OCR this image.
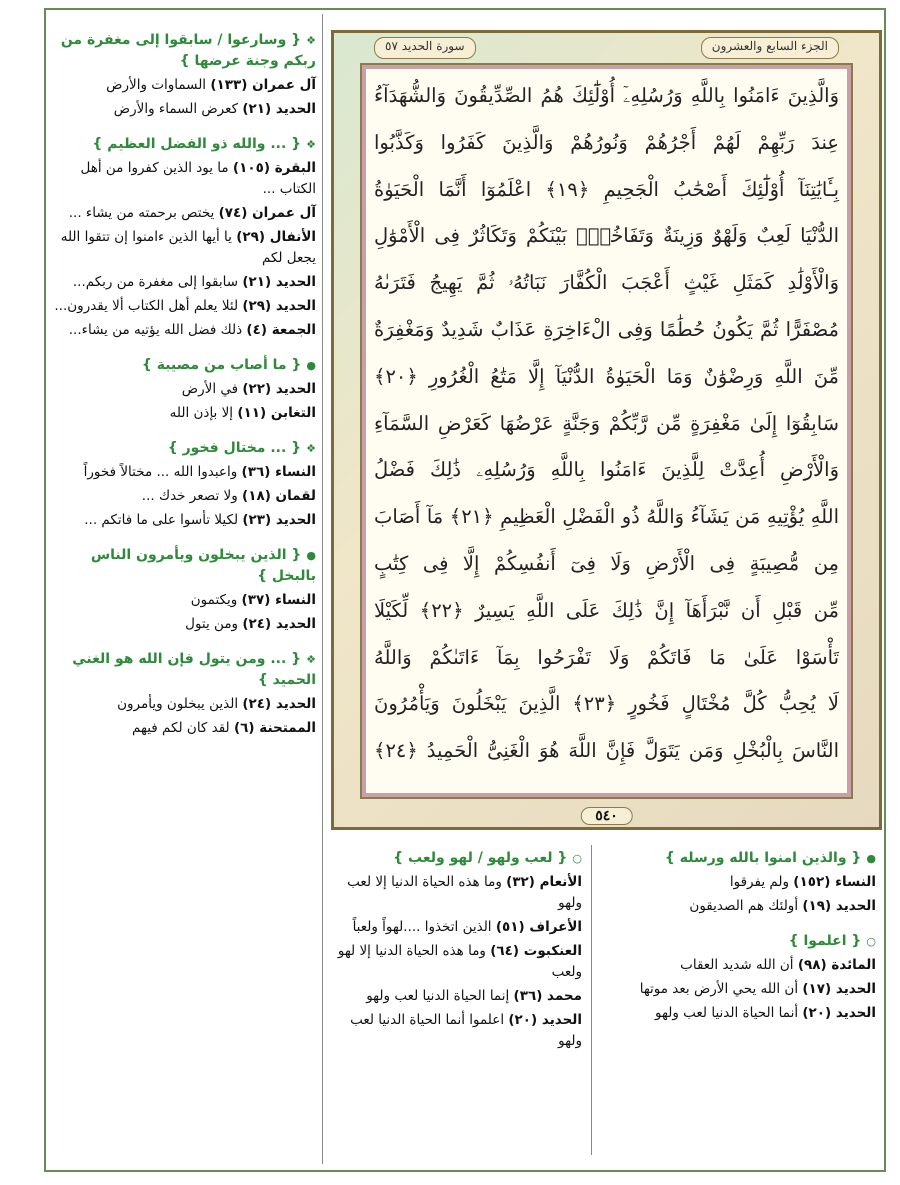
الجزء السابع والعشرون
سورة الحديد ٥٧
وَالَّذِينَ ءَامَنُوا بِاللَّهِ وَرُسُلِهِۦٓ أُوْلَٰٓئِكَ هُمُ الصِّدِّيقُونَ وَالشُّهَدَآءُ
عِندَ رَبِّهِمْ لَهُمْ أَجْرُهُمْ وَنُورُهُمْ وَالَّذِينَ كَفَرُوا وَكَذَّبُوا
بِـَٔايَٰتِنَآ أُوْلَٰٓئِكَ أَصْحَٰبُ الْجَحِيمِ ﴿١٩﴾ اعْلَمُوٓا أَنَّمَا الْحَيَوٰةُ
الدُّنْيَا لَعِبٌ وَلَهْوٌ وَزِينَةٌ وَتَفَاخُرٌۢ بَيْنَكُمْ وَتَكَاثُرٌ فِى الْأَمْوَٰلِ
وَالْأَوْلَٰدِ كَمَثَلِ غَيْثٍ أَعْجَبَ الْكُفَّارَ نَبَاتُهُۥ ثُمَّ يَهِيجُ فَتَرَىٰهُ
مُصْفَرًّا ثُمَّ يَكُونُ حُطَٰمًا وَفِى الْءَاخِرَةِ عَذَابٌ شَدِيدٌ وَمَغْفِرَةٌ
مِّنَ اللَّهِ وَرِضْوَٰنٌ وَمَا الْحَيَوٰةُ الدُّنْيَآ إِلَّا مَتَٰعُ الْغُرُورِ ﴿٢٠﴾
سَابِقُوٓا إِلَىٰ مَغْفِرَةٍ مِّن رَّبِّكُمْ وَجَنَّةٍ عَرْضُهَا كَعَرْضِ السَّمَآءِ
وَالْأَرْضِ أُعِدَّتْ لِلَّذِينَ ءَامَنُوا بِاللَّهِ وَرُسُلِهِۦ ذَٰلِكَ فَضْلُ
اللَّهِ يُؤْتِيهِ مَن يَشَآءُ وَاللَّهُ ذُو الْفَضْلِ الْعَظِيمِ ﴿٢١﴾ مَآ أَصَابَ
مِن مُّصِيبَةٍ فِى الْأَرْضِ وَلَا فِىٓ أَنفُسِكُمْ إِلَّا فِى كِتَٰبٍ
مِّن قَبْلِ أَن نَّبْرَأَهَآ إِنَّ ذَٰلِكَ عَلَى اللَّهِ يَسِيرٌ ﴿٢٢﴾ لِّكَيْلَا
تَأْسَوْا عَلَىٰ مَا فَاتَكُمْ وَلَا تَفْرَحُوا بِمَآ ءَاتَىٰكُمْ وَاللَّهُ
لَا يُحِبُّ كُلَّ مُخْتَالٍ فَخُورٍ ﴿٢٣﴾ الَّذِينَ يَبْخَلُونَ وَيَأْمُرُونَ
النَّاسَ بِالْبُخْلِ وَمَن يَتَوَلَّ فَإِنَّ اللَّهَ هُوَ الْغَنِىُّ الْحَمِيدُ ﴿٢٤﴾
٥٤٠
❖{ وسارعوا / سابقوا إلى مغفرة من ربكم وجنة عرضها }
آل عمران (١٣٣) السماوات والأرض
الحديد (٢١) كعرض السماء والأرض
❖{ ... والله ذو الفضل العظيم }
البقرة (١٠٥) ما يود الذين كفروا من أهل الكتاب ...
آل عمران (٧٤) يختص برحمته من يشاء ...
الأنفال (٢٩) يا أيها الذين ءامنوا إن تتقوا الله يجعل لكم
الحديد (٢١) سابقوا إلى مغفرة من ربكم...
الحديد (٢٩) لئلا يعلم أهل الكتاب ألا يقدرون...
الجمعة (٤) ذلك فضل الله يؤتيه من يشاء...
●{ ما أصاب من مصيبة }
الحديد (٢٢) في الأرض
التغابن (١١) إلا بإذن الله
❖{ ... مختال فخور }
النساء (٣٦) واعبدوا الله ... مختالاً فخوراً
لقمان (١٨) ولا تصعر خدك ...
الحديد (٢٣) لكيلا تأسوا على ما فاتكم ...
●{ الذين يبخلون ويأمرون الناس بالبخل }
النساء (٣٧) ويكتمون
الحديد (٢٤) ومن يتول
❖{ ... ومن يتول فإن الله هو الغني الحميد }
الحديد (٢٤) الذين يبخلون ويأمرون
الممتحنة (٦) لقد كان لكم فيهم
○{ لعب ولهو / لهو ولعب }
الأنعام (٣٢) وما هذه الحياة الدنيا إلا لعب ولهو
الأعراف (٥١) الذين اتخذوا ....لهواً ولعباً
العنكبوت (٦٤) وما هذه الحياة الدنيا إلا لهو ولعب
محمد (٣٦) إنما الحياة الدنيا لعب ولهو
الحديد (٢٠) اعلموا أنما الحياة الدنيا لعب ولهو
●{ والذين امنوا بالله ورسله }
النساء (١٥٢) ولم يفرقوا
الحديد (١٩) أولئك هم الصديقون
○{ اعلموا }
المائدة (٩٨) أن الله شديد العقاب
الحديد (١٧) أن الله يحي الأرض بعد موتها
الحديد (٢٠) أنما الحياة الدنيا لعب ولهو
